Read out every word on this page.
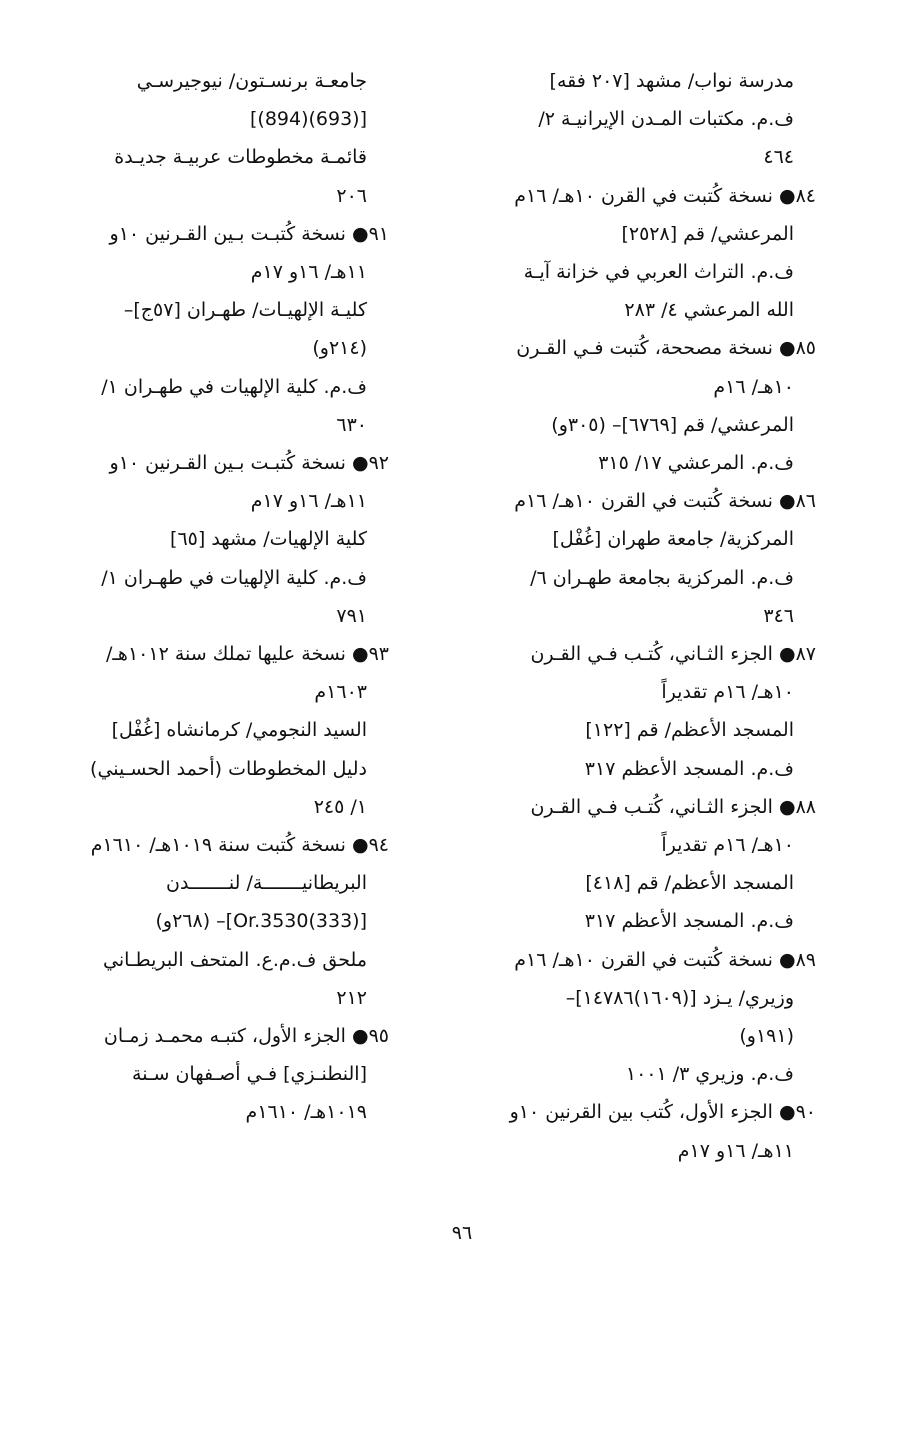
مدرسة نواب/ مشهد [٢٠٧ فقه]
ف.م. مكتبات المـدن الإيرانيـة ٢/
٤٦٤
٨٤● نسخة كُتبت في القرن ١٠هـ/ ١٦م
المرعشي/ قم [٢٥٢٨]
ف.م. التراث العربي في خزانة آيـة
الله المرعشي ٤/ ٢٨٣
٨٥● نسخة مصححة، كُتبت فـي القـرن
١٠هـ/ ١٦م
المرعشي/ قم [٦٧٦٩]– (٣٠٥و)
ف.م. المرعشي ١٧/ ٣١٥
٨٦● نسخة كُتبت في القرن ١٠هـ/ ١٦م
المركزية/ جامعة طهران [غُفْل]
ف.م. المركزية بجامعة طهـران ٦/
٣٤٦
٨٧● الجزء الثـاني، كُتـب فـي القـرن
١٠هـ/ ١٦م تقديراً
المسجد الأعظم/ قم [١٢٢]
ف.م. المسجد الأعظم ٣١٧
٨٨● الجزء الثـاني، كُتـب فـي القـرن
١٠هـ/ ١٦م تقديراً
المسجد الأعظم/ قم [٤١٨]
ف.م. المسجد الأعظم ٣١٧
٨٩● نسخة كُتبت في القرن ١٠هـ/ ١٦م
وزيري/ يـزد [(١٦٠٩)١٤٧٨٦]–
(١٩١و)
ف.م. وزيري ٣/ ١٠٠١
٩٠● الجزء الأول، كُتب بين القرنين ١٠و
١١هـ/ ١٦و ١٧م
جامعـة برنسـتون/ نيوجيرسـي
[(693)(894)]
قائمـة مخطوطات عربيـة جديـدة
٢٠٦
٩١● نسخة كُتبـت بـين القـرنين ١٠و
١١هـ/ ١٦و ١٧م
كليـة الإلهيـات/ طهـران [٥٧ج]–
(٢١٤و)
ف.م. كلية الإلهيات في طهـران ١/
٦٣٠
٩٢● نسخة كُتبـت بـين القـرنين ١٠و
١١هـ/ ١٦و ١٧م
كلية الإلهيات/ مشهد [٦٥]
ف.م. كلية الإلهيات في طهـران ١/
٧٩١
٩٣● نسخة عليها تملك سنة ١٠١٢هـ/
١٦٠٣م
السيد النجومي/ كرمانشاه [غُفْل]
دليل المخطوطات (أحمد الحسـيني)
١/ ٢٤٥
٩٤● نسخة كُتبت سنة ١٠١٩هـ/ ١٦١٠م
البريطانيـــــــة/ لنـــــــدن
[(333)Or.3530]– (٢٦٨و)
ملحق ف.م.ع. المتحف البريطـاني
٢١٢
٩٥● الجزء الأول، كتبـه محمـد زمـان
[النطنـزي] فـي أصـفهان سـنة
١٠١٩هـ/ ١٦١٠م
٩٦
